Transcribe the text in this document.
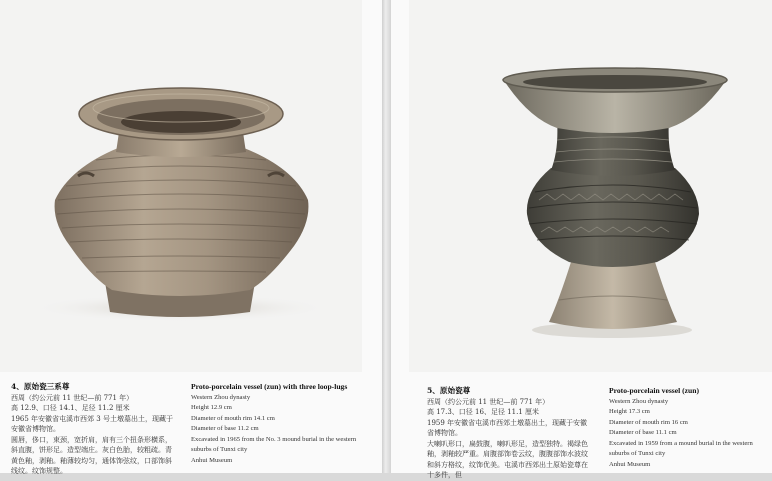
4、原始瓷三系尊
西周（约公元前 11 世纪—前 771 年）
高 12.9、口径 14.1、足径 11.2 厘米
1965 年安徽省屯溪市西郊 3 号土墩墓出土，现藏于安徽省博物馆。
圆唇，侈口，束颈，宽折肩，肩有三个扭条形横系，斜直腹，饼形足。造型端庄。灰白色胎，较粗疏。青黄色釉，剥釉。釉薄较均匀，通体饰弦纹，口部饰斜线纹。纹饰规整。
Proto-porcelain vessel (zun) with three loop-lugs
Western Zhou dynasty
Height 12.9 cm
Diameter of mouth rim 14.1 cm
Diameter of base 11.2 cm
Excavated in 1965 from the No. 3 mound burial in the western suburbs of Tunxi city
Anhui Museum
5、原始瓷尊
西周（约公元前 11 世纪—前 771 年）
高 17.3、口径 16、足径 11.1 厘米
1959 年安徽省屯溪市西郊土墩墓出土，现藏于安徽省博物馆。
大喇叭形口，扁鼓腹，喇叭形足，造型独特。褐绿色釉，剥釉较严重。肩腹部饰卷云纹，腹腹部饰水波纹和斜方格纹，纹饰优美。屯溪市西郊出土原始瓷尊在十多件，但
Proto-porcelain vessel (zun)
Western Zhou dynasty
Height 17.3 cm
Diameter of mouth rim 16 cm
Diameter of base 11.1 cm
Excavated in 1959 from a mound burial in the western suburbs of Tunxi city
Anhui Museum
